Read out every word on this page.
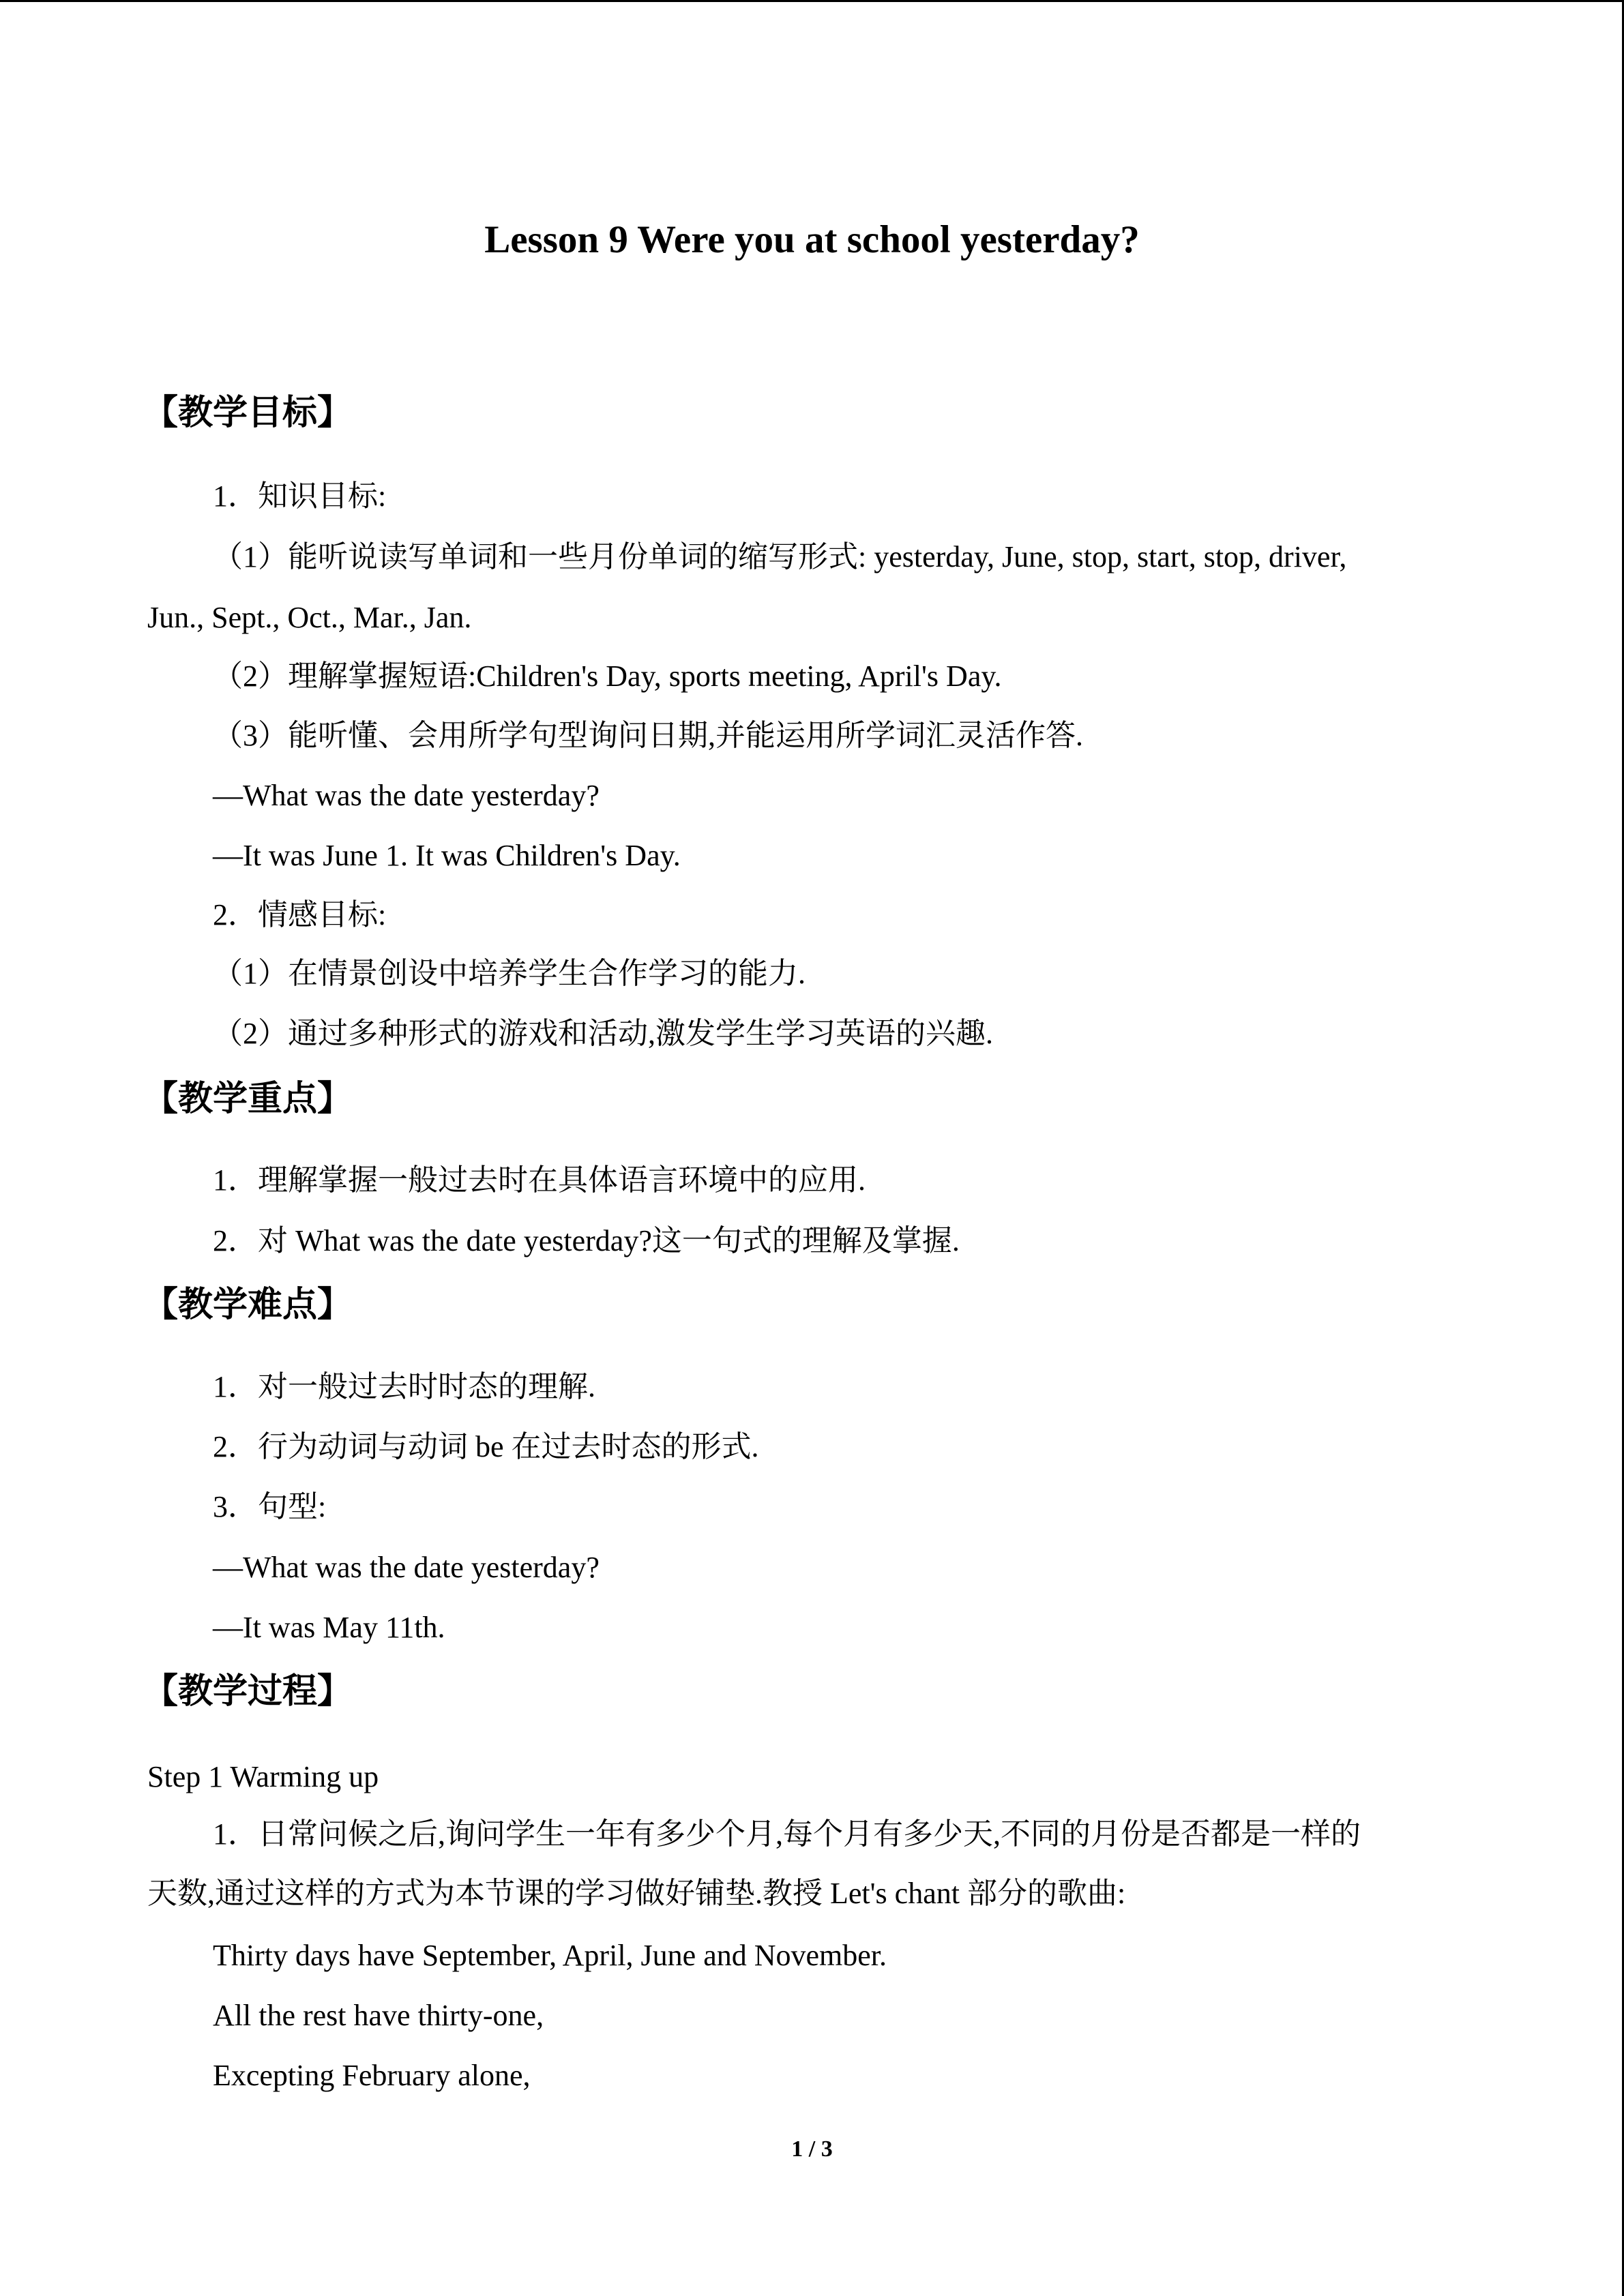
Lesson 9 Were you at school yesterday?
【教学目标】
1．知识目标:
（1）能听说读写单词和一些月份单词的缩写形式: yesterday, June, stop, start, stop, driver,
Jun., Sept., Oct., Mar., Jan.
（2）理解掌握短语:Children's Day, sports meeting, April's Day.
（3）能听懂、会用所学句型询问日期,并能运用所学词汇灵活作答.
—What was the date yesterday?
—It was June 1. It was Children's Day.
2．情感目标:
（1）在情景创设中培养学生合作学习的能力.
（2）通过多种形式的游戏和活动,激发学生学习英语的兴趣.
【教学重点】
1．理解掌握一般过去时在具体语言环境中的应用.
2．对 What was the date yesterday?这一句式的理解及掌握.
【教学难点】
1．对一般过去时时态的理解.
2．行为动词与动词 be 在过去时态的形式.
3．句型:
—What was the date yesterday?
—It was May 11th.
【教学过程】
Step 1 Warming up
1．日常问候之后,询问学生一年有多少个月,每个月有多少天,不同的月份是否都是一样的
天数,通过这样的方式为本节课的学习做好铺垫.教授 Let's chant 部分的歌曲:
Thirty days have September, April, June and November.
All the rest have thirty-one,
Excepting February alone,
1 / 3
